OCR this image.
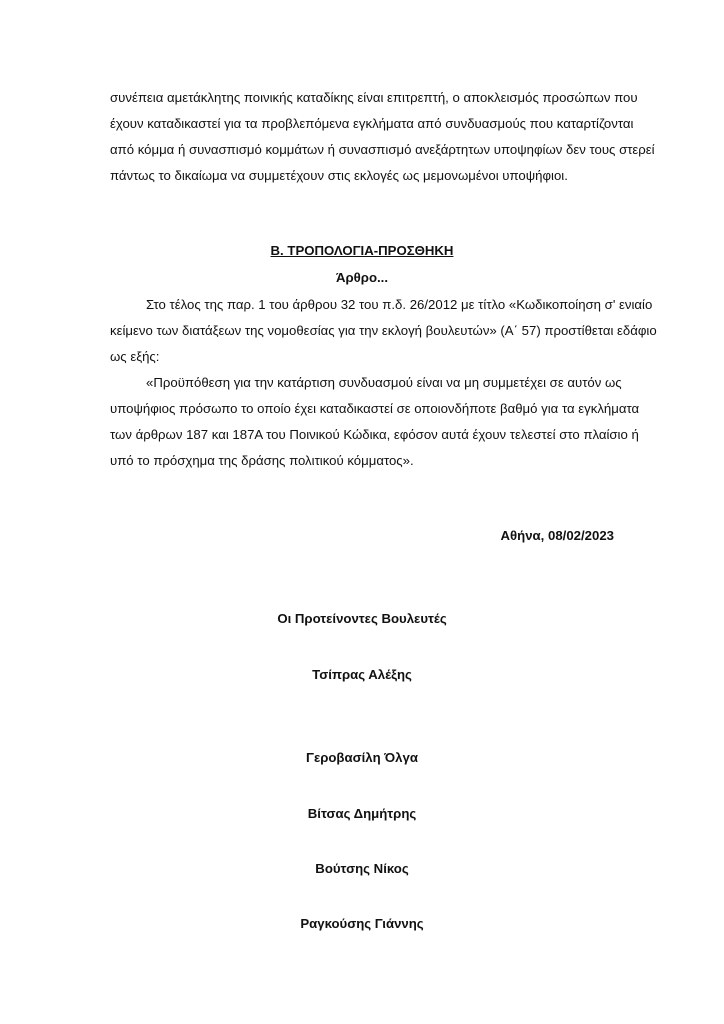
συνέπεια αμετάκλητης ποινικής καταδίκης είναι επιτρεπτή, ο αποκλεισμός προσώπων που
έχουν καταδικαστεί για τα προβλεπόμενα εγκλήματα από συνδυασμούς που καταρτίζονται
από κόμμα ή συνασπισμό κομμάτων ή συνασπισμό ανεξάρτητων υποψηφίων δεν τους στερεί
πάντως το δικαίωμα να συμμετέχουν στις εκλογές ως μεμονωμένοι υποψήφιοι.
Β. ΤΡΟΠΟΛΟΓΙΑ-ΠΡΟΣΘΗΚΗ
Άρθρο...
Στο τέλος της παρ. 1 του άρθρου 32 του π.δ. 26/2012 με τίτλο «Κωδικοποίηση σ' ενιαίο
κείμενο των διατάξεων της νομοθεσίας για την εκλογή βουλευτών» (Α΄ 57) προστίθεται εδάφιο
ως εξής:
«Προϋπόθεση για την κατάρτιση συνδυασμού είναι να μη συμμετέχει σε αυτόν ως
υποψήφιος πρόσωπο το οποίο έχει καταδικαστεί σε οποιονδήποτε βαθμό για τα εγκλήματα
των άρθρων 187 και 187Α του Ποινικού Κώδικα, εφόσον αυτά έχουν τελεστεί στο πλαίσιο ή
υπό το πρόσχημα της δράσης πολιτικού κόμματος».
Αθήνα, 08/02/2023
Οι Προτείνοντες Βουλευτές
Τσίπρας Αλέξης
Γεροβασίλη Όλγα
Βίτσας Δημήτρης
Βούτσης Νίκος
Ραγκούσης Γιάννης
